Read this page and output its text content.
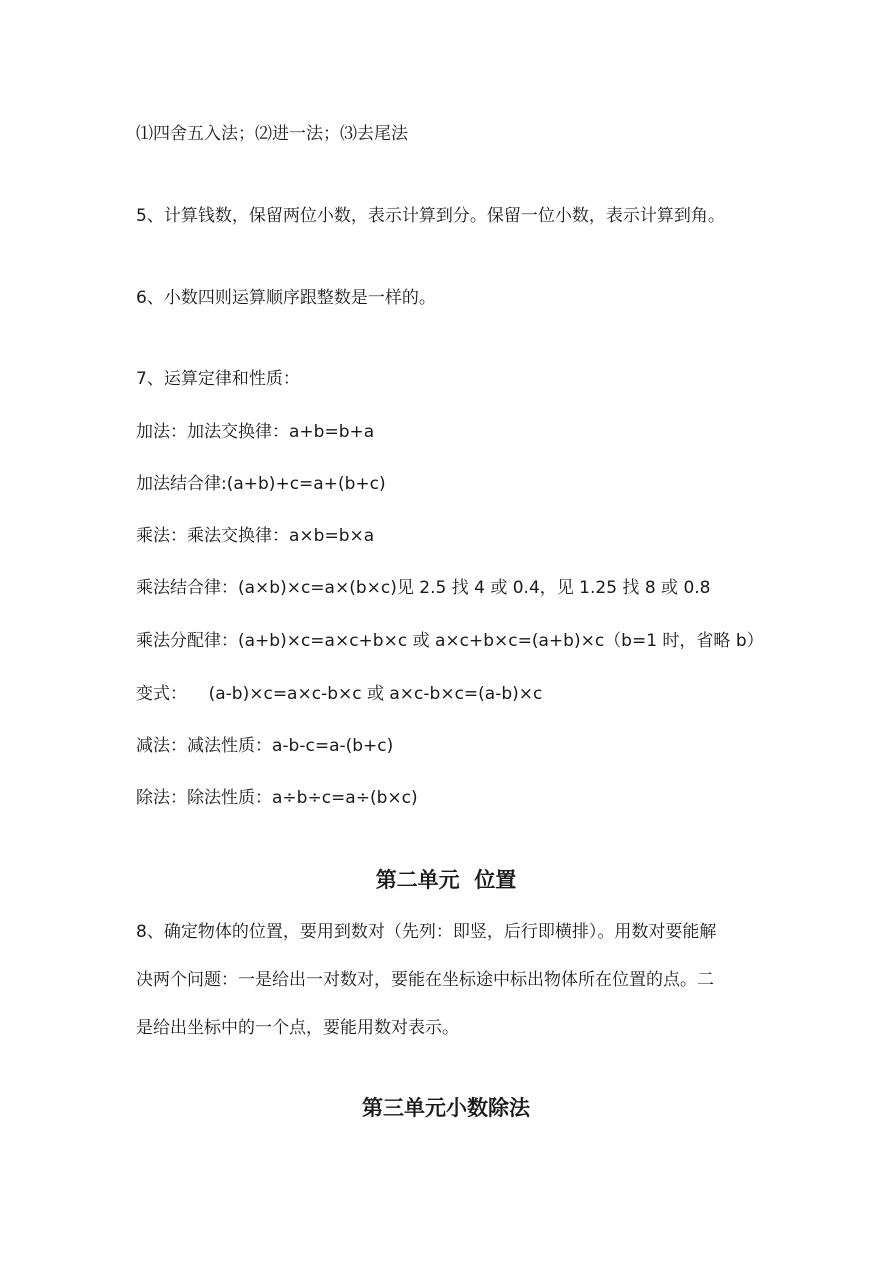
⑴四舍五入法；⑵进一法；⑶去尾法
5、计算钱数，保留两位小数，表示计算到分。保留一位小数，表示计算到角。
6、小数四则运算顺序跟整数是一样的。
7、运算定律和性质：
加法：加法交换律：a+b=b+a
加法结合律:(a+b)+c=a+(b+c)
乘法：乘法交换律：a×b=b×a
乘法结合律：(a×b)×c=a×(b×c)见 2.5 找 4 或 0.4，见 1.25 找 8 或 0.8
乘法分配律：(a+b)×c=a×c+b×c 或 a×c+b×c=(a+b)×c（b=1 时，省略 b）
变式：    (a-b)×c=a×c-b×c 或 a×c-b×c=(a-b)×c
减法：减法性质：a-b-c=a-(b+c)
除法：除法性质：a÷b÷c=a÷(b×c)
第二单元  位置
8、确定物体的位置，要用到数对（先列：即竖，后行即横排）。用数对要能解
决两个问题：一是给出一对数对，要能在坐标途中标出物体所在位置的点。二
是给出坐标中的一个点，要能用数对表示。
第三单元小数除法
